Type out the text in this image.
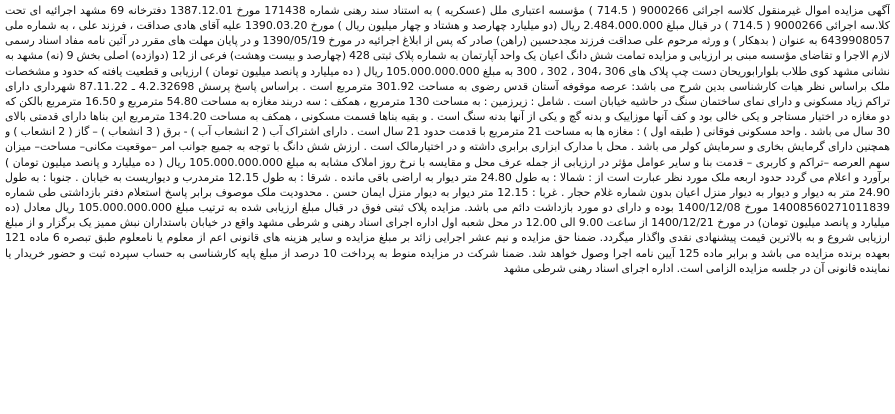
آگهی مزایده اموال غیرمنقول کلاسه اجرائی 9000266 ( 714.5 ) مؤسسه اعتباری ملل (عسکریه ) به استناد سند رهنی شماره 171438 مورخ 1387.12.01 دفترخانه 69 مشهد اجرائیه ای تحت کلا.سه اجرائی 9000266 ( 714.5 ) در قبال مبلغ 2.484.000.000 ریال (دو میلیارد چهارصد و هشتاد و چهار میلیون ریال ) مورخ 1390.03.20 علیه آقای هادی صداقت ، فرزند علی ، به شماره ملی 6439908057 به عنوان ( بدهکار ) و ورثه مرحوم علی صداقت فرزند مجدحسین (راهن) صادر که پس از ابلاغ اجرائیه در مورخ 1390/05/19 و در پایان مهلت های مقرر در آئین نامه مفاد اسناد رسمی لازم الاجرا و تقاضای مؤسسه مبنی بر ارزیابی و مزایده تمامت شش دانگ اعیان یک واحد آپارتمان به شماره پلاک ثبتی 428 (چهارصد و بیست وهشت) فرعی از 12 (دوازده) اصلی بخش 9 (نه) مشهد به نشانی مشهد کوی طلاب بلوارابوریحان دست چپ پلاک های 306 ،304 ، 302 ، 300 به مبلغ 105.000.000.000 ریال ( ده میلیارد و پانصد میلیون تومان ) ارزیابی و قطعیت یافته که حدود و مشخصات ملک براساس نظر هیات کارشناسی بدین شرح می باشد: عرصه موقوفه آستان قدس رضوی به مساحت 301.92 مترمربع است . براساس پاسخ پرسش 4.2.32698 ـ 87.11.22 شهرداری دارای تراکم زیاد مسکونی و دارای نمای ساختمان سنگ در حاشیه خیابان است . شامل : زیرزمین : به مساحت 130 مترمربع ، همکف : سه دربند مغازه به مساحت 54.80 مترمربع و 16.50 مترمربع بالکن که دو مغازه در اختیار مستاجر و یکی خالی بود و کف آنها موزاییک و بدنه گچ و یکی از آنها بدنه سنگ است . و بقیه بناها قسمت مسکونی ، همکف به مساحت 134.20 مترمربع این بناها دارای قدمتی بالای 30 سال می باشد . واحد مسکونی فوقانی ( طبقه اول ) : مغازه ها به مساحت 21 مترمربع با قدمت حدود 21 سال است . دارای اشتراک آب ( 2 انشعاب آب ) - برق ( 3 انشعاب ) – گاز ( 2 انشعاب ) و همچنین دارای گرمایش بخاری و سرمایش کولر می باشد . محل با مدارک ابزاری برابری داشته و در اختیارمالک است . ارزش شش دانگ با توجه به جمیع جوانب امر –موقعیت مکانی– مساحت– میزان سهم العرصه –تراکم و کاربری – قدمت بنا و سایر عوامل مؤثر در ارزیابی از جمله عرف محل و مقایسه با نرخ روز املاک مشابه به مبلغ 105.000.000.000 ریال ( ده میلیارد و پانصد میلیون تومان ) برآورد و اعلام می گردد حدود اربعه ملک مورد نظر عبارت است از : شمالا : به طول 24.80 متر دیوار به اراضی باقی مانده . شرقا : به طول 12.15 مترمدرب و دیواریست به خیابان . جنوبا : به طول 24.90 متر به دیوار و دیوار به دیوار منزل اعیان بدون شماره غلام حجار . غربا : 12.15 متر دیوار به دیوار منزل ایمان حسن . محدودیت ملک موصوف برابر پاسخ استعلام دفتر بازداشتی طی شماره 14008560271011839 مورخ 1400/12/08 بوده و دارای دو مورد بازداشت دائم می باشد. مزایده پلاک ثبتی فوق در قبال مبلغ ارزیابی شده به ترتیب مبلغ 105.000.000.000 ریال معادل (ده میلیارد و پانصد میلیون تومان) در مورخ 1400/12/21 از ساعت 9.00 الی 12.00 در محل شعبه اول اداره اجرای اسناد رهنی و شرطی مشهد واقع در خیابان باستداران نبش ممیز یک برگزار و از مبلغ ارزیابی شروع و به بالاترین قیمت پیشنهادی نقدی واگذار میگردد. ضمنا حق مزایده و نیم عشر اجرایی زائد بر مبلغ مزایده و سایر هزینه های قانونی اعم از معلوم یا نامعلوم طبق تبصره 6 ماده 121 بعهده برنده مزایده می باشد و برابر ماده 125 آیین نامه اجرا وصول خواهد شد. ضمنا شرکت در مزایده منوط به پرداخت 10 درصد از مبلغ پایه کارشناسی به حساب سپرده ثبت و حضور خریدار یا نماینده قانونی آن در جلسه مزایده الزامی است. اداره اجرای اسناد رهنی شرطی مشهد
